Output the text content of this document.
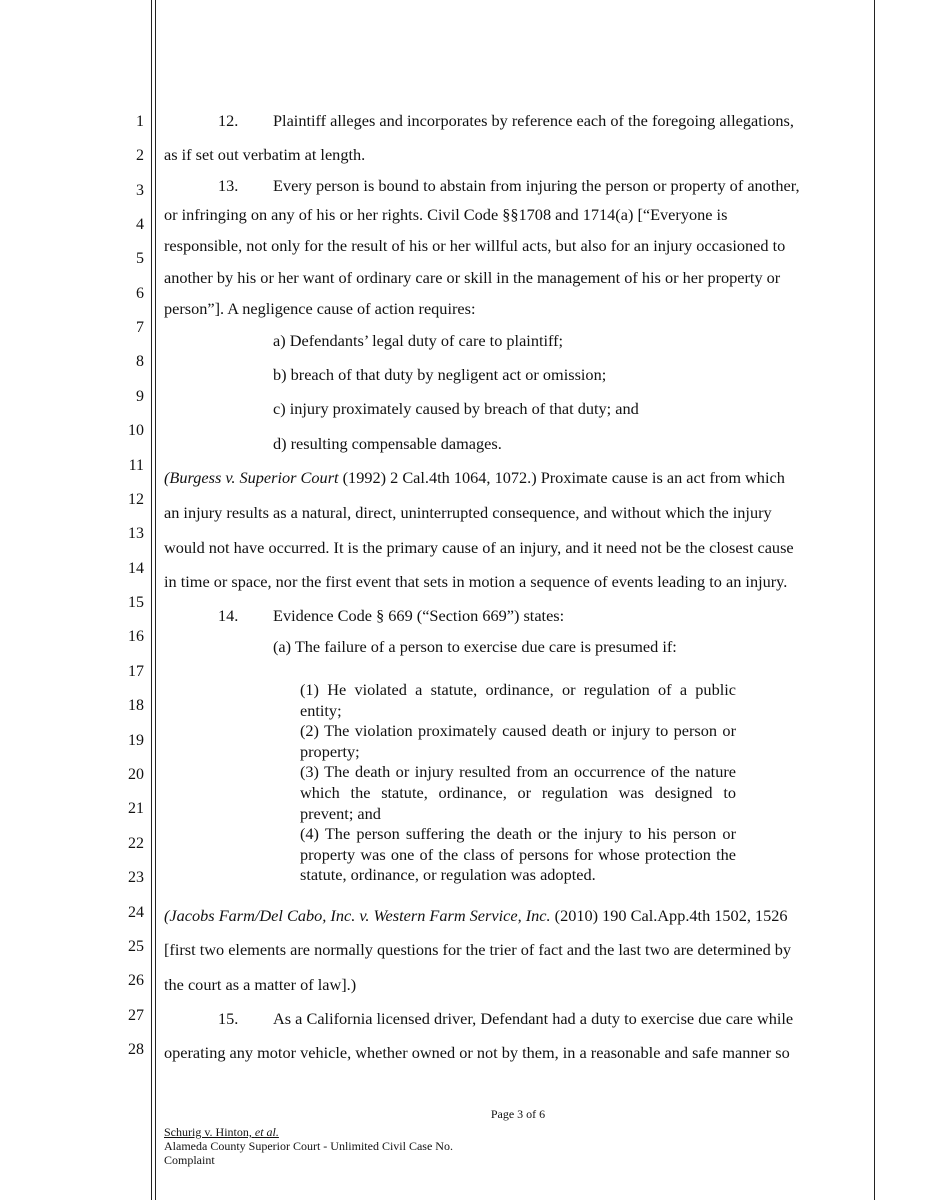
1
2
3
4
5
6
7
8
9
10
11
12
13
14
15
16
17
18
19
20
21
22
23
24
25
26
27
28
12. Plaintiff alleges and incorporates by reference each of the foregoing allegations,
as if set out verbatim at length.
13. Every person is bound to abstain from injuring the person or property of another,
or infringing on any of his or her rights. Civil Code §§1708 and 1714(a) [“Everyone is
responsible, not only for the result of his or her willful acts, but also for an injury occasioned to
another by his or her want of ordinary care or skill in the management of his or her property or
person”]. A negligence cause of action requires:
a) Defendants’ legal duty of care to plaintiff;
b) breach of that duty by negligent act or omission;
c) injury proximately caused by breach of that duty; and
d) resulting compensable damages.
(Burgess v. Superior Court (1992) 2 Cal.4th 1064, 1072.) Proximate cause is an act from which
an injury results as a natural, direct, uninterrupted consequence, and without which the injury
would not have occurred. It is the primary cause of an injury, and it need not be the closest cause
in time or space, nor the first event that sets in motion a sequence of events leading to an injury.
14. Evidence Code § 669 (“Section 669”) states:
(a) The failure of a person to exercise due care is presumed if:
(1) He violated a statute, ordinance, or regulation of a public entity;
(2) The violation proximately caused death or injury to person or property;
(3) The death or injury resulted from an occurrence of the nature which the statute, ordinance, or regulation was designed to prevent; and
(4) The person suffering the death or the injury to his person or property was one of the class of persons for whose protection the statute, ordinance, or regulation was adopted.
(Jacobs Farm/Del Cabo, Inc. v. Western Farm Service, Inc. (2010) 190 Cal.App.4th 1502, 1526
[first two elements are normally questions for the trier of fact and the last two are determined by
the court as a matter of law].)
15. As a California licensed driver, Defendant had a duty to exercise due care while
operating any motor vehicle, whether owned or not by them, in a reasonable and safe manner so
Page 3 of 6
Schurig v. Hinton, et al.
Alameda County Superior Court - Unlimited Civil Case No.
Complaint
